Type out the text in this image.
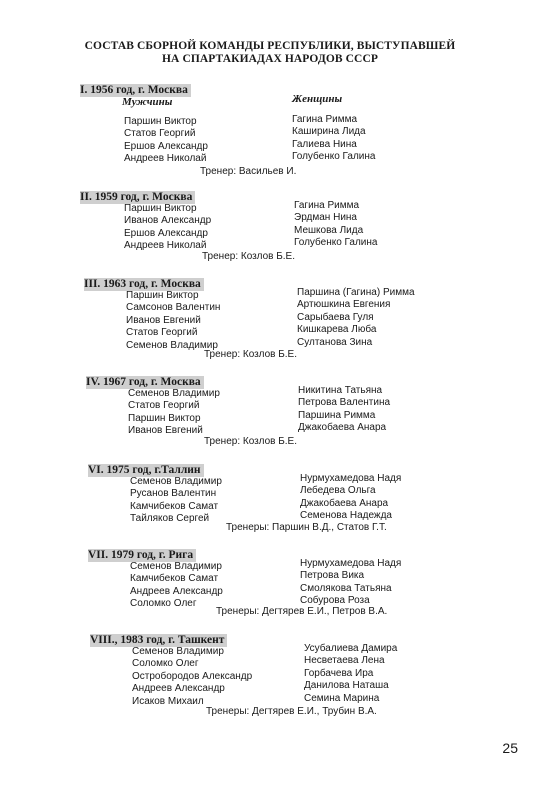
СОСТАВ СБОРНОЙ КОМАНДЫ РЕСПУБЛИКИ, ВЫСТУПАВШЕЙ
НА СПАРТАКИАДАХ НАРОДОВ СССР
I. 1956 год, г. Москва
Мужчины	Женщины
Паршин Виктор
Статов Георгий
Ершов Александр
Андреев Николай
Гагина Римма
Каширина Лида
Галиева Нина
Голубенко Галина
Тренер: Васильев И.
II. 1959 год, г. Москва
Паршин Виктор
Иванов Александр
Ершов Александр
Андреев Николай
Гагина Римма
Эрдман Нина
Мешкова Лида
Голубенко Галина
Тренер: Козлов Б.Е.
III. 1963 год, г. Москва
Паршин Виктор
Самсонов Валентин
Иванов Евгений
Статов Георгий
Семенов Владимир
Паршина (Гагина) Римма
Артюшкина Евгения
Сарыбаева Гуля
Кишкарева Люба
Султанова Зина
Тренер: Козлов Б.Е.
IV. 1967 год, г. Москва
Семенов Владимир
Статов Георгий
Паршин Виктор
Иванов Евгений
Никитина Татьяна
Петрова Валентина
Паршина Римма
Джакобаева Анара
Тренер: Козлов Б.Е.
VI. 1975 год, г.Таллин
Семенов Владимир
Русанов Валентин
Камчибеков Самат
Тайляков Сергей
Нурмухамедова Надя
Лебедева Ольга
Джакобаева Анара
Семенова Надежда
Тренеры: Паршин В.Д., Статов Г.Т.
VII. 1979 год, г. Рига
Семенов Владимир
Камчибеков Самат
Андреев Александр
Соломко Олег
Нурмухамедова Надя
Петрова Вика
Смолякова Татьяна
Собурова Роза
Тренеры: Дегтярев Е.И., Петров В.А.
VIII., 1983 год, г. Ташкент
Семенов Владимир
Соломко Олег
Остробородов Александр
Андреев Александр
Исаков Михаил
Усубалиева Дамира
Несветаева Лена
Горбачева Ира
Данилова Наташа
Семина Марина
Тренеры: Дегтярев Е.И., Трубин В.А.
25
